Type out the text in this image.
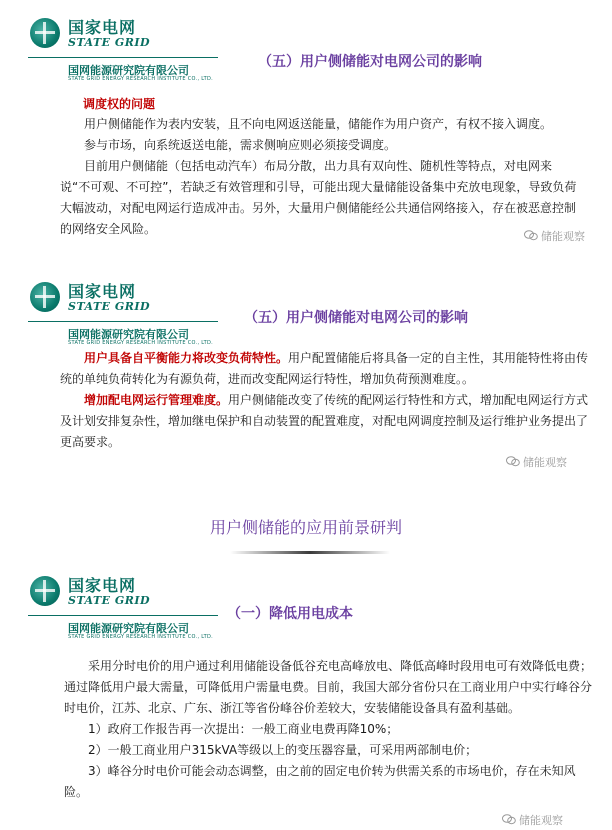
国家电网
STATE GRID
国网能源研究院有限公司
STATE GRID ENERGY RESEARCH INSTITUTE CO., LTD.
（五）用户侧储能对电网公司的影响
调度权的问题
用户侧储能作为表内安装，且不向电网返送能量，储能作为用户资产，有权不接入调度。
参与市场，向系统返送电能，需求侧响应则必须接受调度。
目前用户侧储能（包括电动汽车）布局分散，出力具有双向性、随机性等特点，对电网来说“不可观、不可控”，若缺乏有效管理和引导，可能出现大量储能设备集中充放电现象，导致负荷大幅波动，对配电网运行造成冲击。另外，大量用户侧储能经公共通信网络接入，存在被恶意控制的网络安全风险。
储能观察
国家电网
STATE GRID
国网能源研究院有限公司
STATE GRID ENERGY RESEARCH INSTITUTE CO., LTD.
（五）用户侧储能对电网公司的影响
用户具备自平衡能力将改变负荷特性。用户配置储能后将具备一定的自主性，其用能特性将由传统的单纯负荷转化为有源负荷，进而改变配网运行特性，增加负荷预测难度。。
增加配电网运行管理难度。用户侧储能改变了传统的配网运行特性和方式，增加配电网运行方式及计划安排复杂性，增加继电保护和自动装置的配置难度，对配电网调度控制及运行维护业务提出了更高要求。
储能观察
用户侧储能的应用前景研判
国家电网
STATE GRID
国网能源研究院有限公司
STATE GRID ENERGY RESEARCH INSTITUTE CO., LTD.
（一）降低用电成本
采用分时电价的用户通过利用储能设备低谷充电高峰放电、降低高峰时段用电可有效降低电费；通过降低用户最大需量，可降低用户需量电费。目前，我国大部分省份只在工商业用户中实行峰谷分时电价，江苏、北京、广东、浙江等省份峰谷价差较大，安装储能设备具有盈利基础。
1）政府工作报告再一次提出：一般工商业电费再降10%；
2）一般工商业用户315kVA等级以上的变压器容量，可采用两部制电价；
3）峰谷分时电价可能会动态调整，由之前的固定电价转为供需关系的市场电价，存在未知风险。
储能观察
